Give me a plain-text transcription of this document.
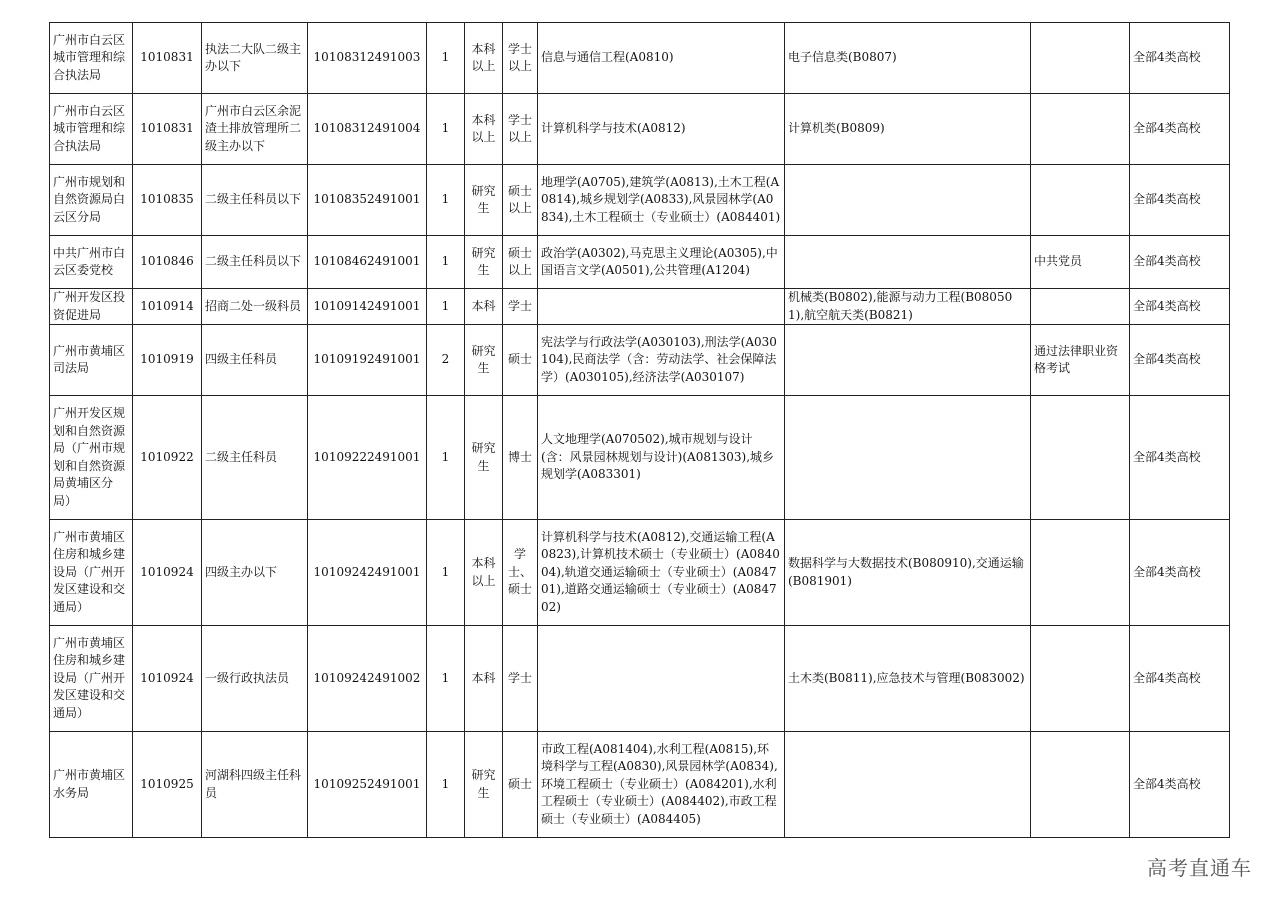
广州市白云区城市管理和综合执法局	1010831	执法二大队二级主办以下	10108312491003	1	本科以上	学士以上	信息与通信工程(A0810)	电子信息类(B0807)		全部4类高校
广州市白云区城市管理和综合执法局	1010831	广州市白云区余泥渣土排放管理所二级主办以下	10108312491004	1	本科以上	学士以上	计算机科学与技术(A0812)	计算机类(B0809)		全部4类高校
广州市规划和自然资源局白云区分局	1010835	二级主任科员以下	10108352491001	1	研究生	硕士以上	地理学(A0705),建筑学(A0813),土木工程(A0814),城乡规划学(A0833),风景园林学(A0834),土木工程硕士（专业硕士）(A084401)			全部4类高校
中共广州市白云区委党校	1010846	二级主任科员以下	10108462491001	1	研究生	硕士以上	政治学(A0302),马克思主义理论(A0305),中国语言文学(A0501),公共管理(A1204)		中共党员	全部4类高校
广州开发区投资促进局	1010914	招商二处一级科员	10109142491001	1	本科	学士		机械类(B0802),能源与动力工程(B080501),航空航天类(B0821)		全部4类高校
广州市黄埔区司法局	1010919	四级主任科员	10109192491001	2	研究生	硕士	宪法学与行政法学(A030103),刑法学(A030104),民商法学（含：劳动法学、社会保障法学）(A030105),经济法学(A030107)		通过法律职业资格考试	全部4类高校
广州开发区规划和自然资源局（广州市规划和自然资源局黄埔区分局）	1010922	二级主任科员	10109222491001	1	研究生	博士	人文地理学(A070502),城市规划与设计(含：风景园林规划与设计)(A081303),城乡规划学(A083301)			全部4类高校
广州市黄埔区住房和城乡建设局（广州开发区建设和交通局）	1010924	四级主办以下	10109242491001	1	本科以上	学士、硕士	计算机科学与技术(A0812),交通运输工程(A0823),计算机技术硕士（专业硕士）(A084004),轨道交通运输硕士（专业硕士）(A084701),道路交通运输硕士（专业硕士）(A084702)	数据科学与大数据技术(B080910),交通运输(B081901)		全部4类高校
广州市黄埔区住房和城乡建设局（广州开发区建设和交通局）	1010924	一级行政执法员	10109242491002	1	本科	学士		土木类(B0811),应急技术与管理(B083002)		全部4类高校
广州市黄埔区水务局	1010925	河湖科四级主任科员	10109252491001	1	研究生	硕士	市政工程(A081404),水利工程(A0815),环境科学与工程(A0830),风景园林学(A0834),环境工程硕士（专业硕士）(A084201),水利工程硕士（专业硕士）(A084402),市政工程硕士（专业硕士）(A084405)			全部4类高校
高考直通车
